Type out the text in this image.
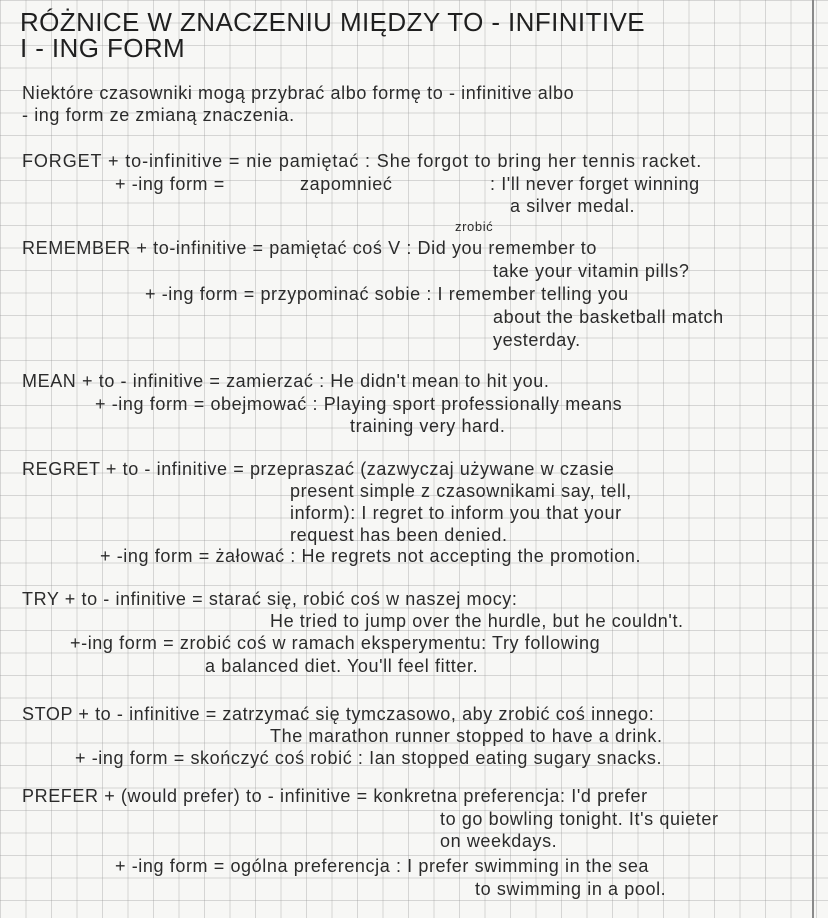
RÓŻNICE W ZNACZENIU MIĘDZY TO - INFINITIVE
I - ING FORM
Niektóre czasowniki mogą przybrać albo formę to - infinitive albo
- ing form ze zmianą znaczenia.
FORGET + to-infinitive = nie pamiętać : She forgot to bring her tennis racket.
+ -ing form =	zapomnieć	: I'll never forget winning
a silver medal.
zrobić
REMEMBER + to-infinitive = pamiętać coś V : Did you remember to
take your vitamin pills?
+ -ing form = przypominać sobie : I remember telling you
about the basketball match
yesterday.
MEAN + to - infinitive = zamierzać : He didn't mean to hit you.
+ -ing form = obejmować : Playing sport professionally means
training very hard.
REGRET + to - infinitive = przepraszać (zazwyczaj używane w czasie
present simple z czasownikami say, tell,
inform): I regret to inform you that your
request has been denied.
+ -ing form = żałować : He regrets not accepting the promotion.
TRY + to - infinitive = starać się, robić coś w naszej mocy:
He tried to jump over the hurdle, but he couldn't.
+-ing form = zrobić coś w ramach eksperymentu: Try following
a balanced diet. You'll feel fitter.
STOP + to - infinitive = zatrzymać się tymczasowo, aby zrobić coś innego:
The marathon runner stopped to have a drink.
+ -ing form = skończyć coś robić : Ian stopped eating sugary snacks.
PREFER + (would prefer) to - infinitive = konkretna preferencja: I'd prefer
to go bowling tonight. It's quieter
on weekdays.
+ -ing form = ogólna preferencja : I prefer swimming in the sea
to swimming in a pool.
